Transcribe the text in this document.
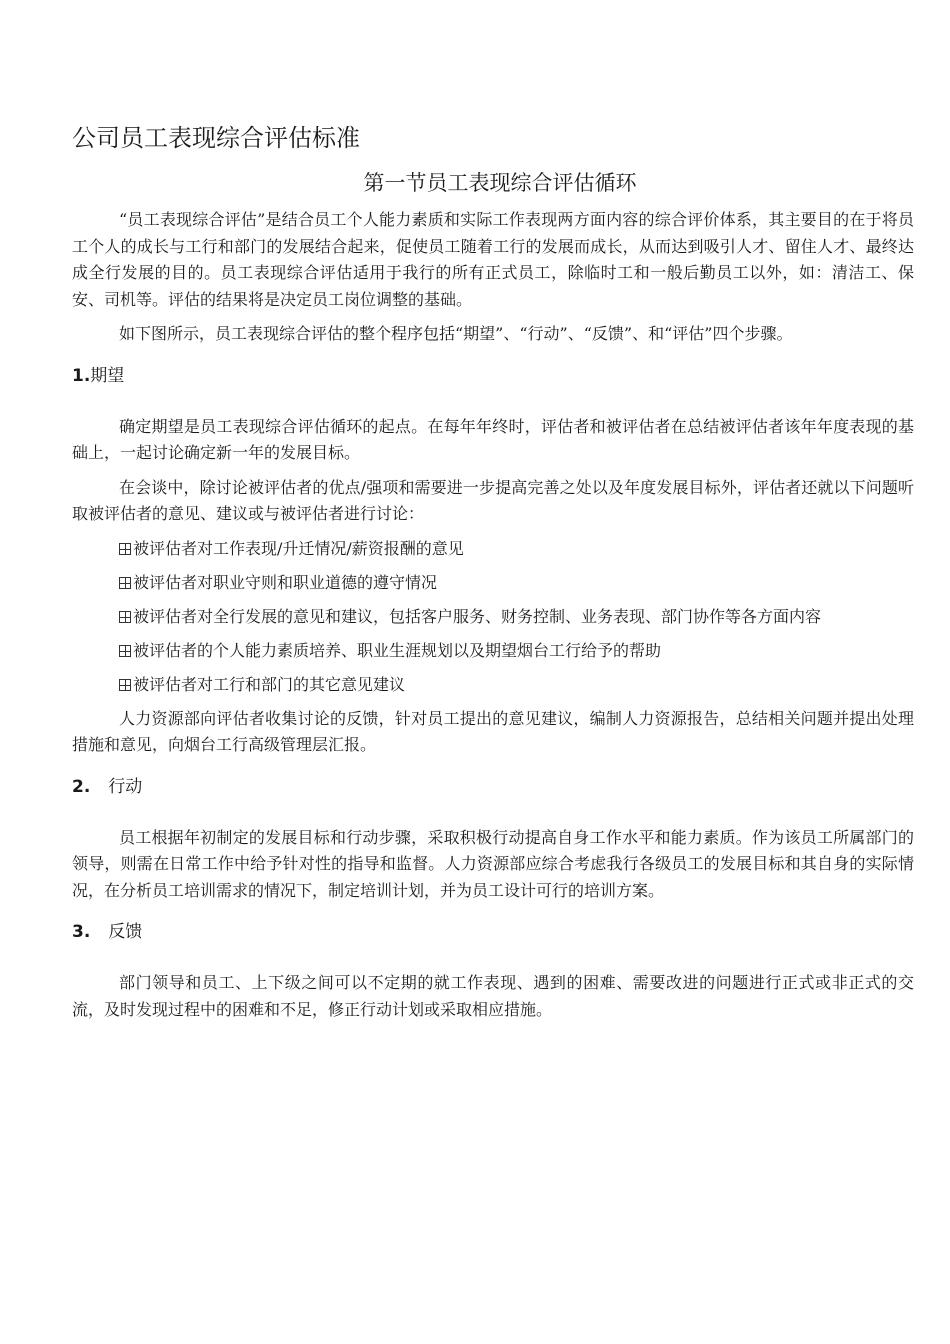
公司员工表现综合评估标准
第一节员工表现综合评估循环

“员工表现综合评估”是结合员工个人能力素质和实际工作表现两方面内容的综合评价体系，其主要目的在于将员工个人的成长与工行和部门的发展结合起来，促使员工随着工行的发展而成长，从而达到吸引人才、留住人才、最终达成全行发展的目的。员工表现综合评估适用于我行的所有正式员工，除临时工和一般后勤员工以外，如：清洁工、保安、司机等。评估的结果将是决定员工岗位调整的基础。

如下图所示，员工表现综合评估的整个程序包括“期望”、“行动”、“反馈”、和“评估”四个步骤。

1. 期望

确定期望是员工表现综合评估循环的起点。在每年年终时，评估者和被评估者在总结被评估者该年年度表现的基础上，一起讨论确定新一年的发展目标。

在会谈中，除讨论被评估者的优点/强项和需要进一步提高完善之处以及年度发展目标外，评估者还就以下问题听取被评估者的意见、建议或与被评估者进行讨论：

被评估者对工作表现/升迁情况/薪资报酬的意见
被评估者对职业守则和职业道德的遵守情况
被评估者对全行发展的意见和建议，包括客户服务、财务控制、业务表现、部门协作等各方面内容
被评估者的个人能力素质培养、职业生涯规划以及期望烟台工行给予的帮助
被评估者对工行和部门的其它意见建议

人力资源部向评估者收集讨论的反馈，针对员工提出的意见建议，编制人力资源报告，总结相关问题并提出处理措施和意见，向烟台工行高级管理层汇报。

2. 行动

员工根据年初制定的发展目标和行动步骤，采取积极行动提高自身工作水平和能力素质。作为该员工所属部门的领导，则需在日常工作中给予针对性的指导和监督。人力资源部应综合考虑我行各级员工的发展目标和其自身的实际情况，在分析员工培训需求的情况下，制定培训计划，并为员工设计可行的培训方案。

3. 反馈

部门领导和员工、上下级之间可以不定期的就工作表现、遇到的困难、需要改进的问题进行正式或非正式的交流，及时发现过程中的困难和不足，修正行动计划或采取相应措施。
